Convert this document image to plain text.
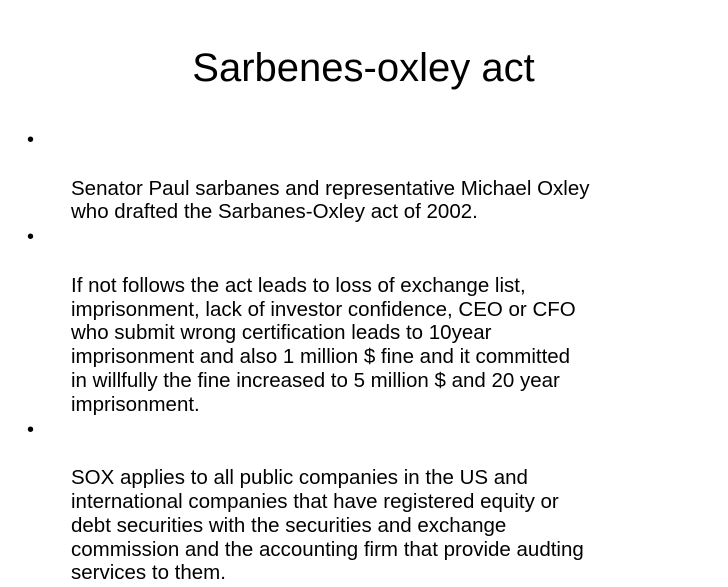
Sarbenes-oxley act

•

Senator Paul sarbanes and representative Michael Oxley
who drafted the Sarbanes-Oxley act of 2002.

•

If not follows the act leads to loss of exchange list,
imprisonment, lack of investor confidence, CEO or CFO
who submit wrong certification leads to 10year
imprisonment and also 1 million $ fine and it committed
in willfully the fine increased to 5 million $ and 20 year
imprisonment.

•

SOX applies to all public companies in the US and
international companies that have registered equity or
debt securities with the securities and exchange
commission and the accounting firm that provide audting
services to them.
